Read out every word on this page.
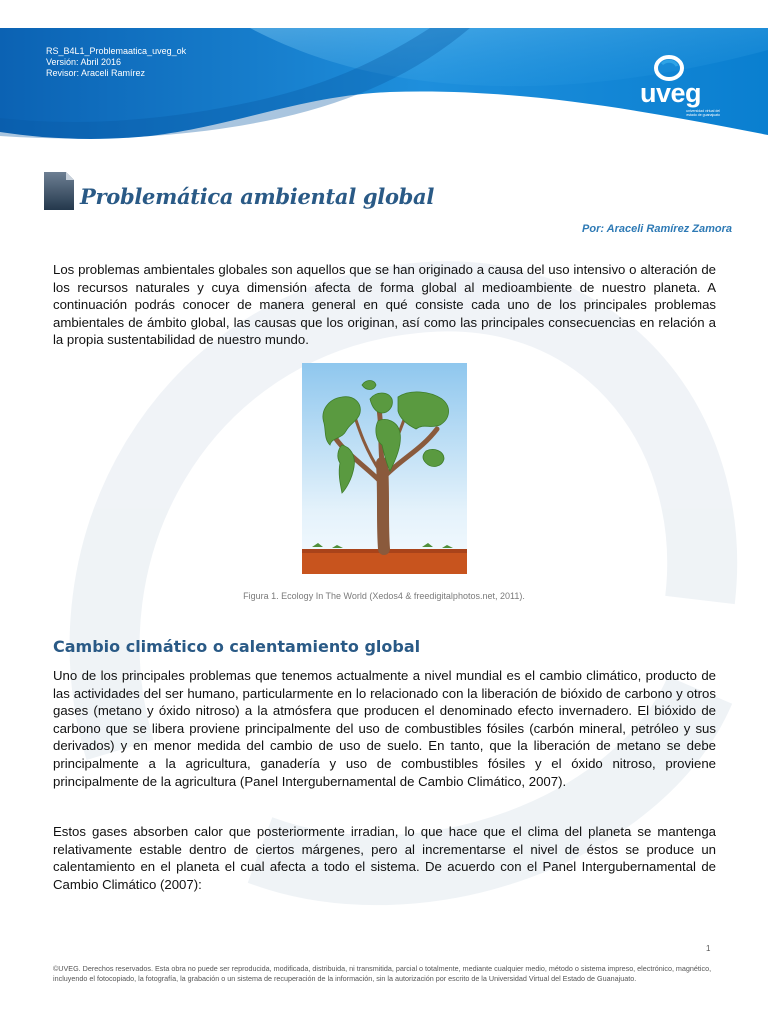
RS_B4L1_Problemaatica_uveg_ok
Versión: Abril 2016
Revisor: Araceli Ramírez
uveg
universidad virtual del estado de guanajuato
Problemática ambiental global
Por: Araceli Ramírez Zamora

Los problemas ambientales globales son aquellos que se han originado a causa del uso intensivo o alteración de los recursos naturales y cuya dimensión afecta de forma global al medioambiente de nuestro planeta. A continuación podrás conocer de manera general en qué consiste cada uno de los principales problemas ambientales de ámbito global, las causas que los originan, así como las principales consecuencias en relación a la propia sustentabilidad de nuestro mundo.

Figura 1. Ecology In The World (Xedos4 & freedigitalphotos.net, 2011).
Cambio climático o calentamiento global

Uno de los principales problemas que tenemos actualmente a nivel mundial es el cambio climático, producto de las actividades del ser humano, particularmente en lo relacionado con la liberación de bióxido de carbono y otros gases (metano y óxido nitroso) a la atmósfera que producen el denominado efecto invernadero. El bióxido de carbono que se libera proviene principalmente del uso de combustibles fósiles (carbón mineral, petróleo y sus derivados) y en menor medida del cambio de uso de suelo. En tanto, que la liberación de metano se debe principalmente a la agricultura, ganadería y uso de combustibles fósiles y el óxido nitroso, proviene principalmente de la agricultura (Panel Intergubernamental de Cambio Climático, 2007).

Estos gases absorben calor que posteriormente irradian, lo que hace que el clima del planeta se mantenga relativamente estable dentro de ciertos márgenes, pero al incrementarse el nivel de éstos se produce un calentamiento en el planeta el cual afecta a todo el sistema. De acuerdo con el Panel Intergubernamental de Cambio Climático (2007):

1
©UVEG. Derechos reservados. Esta obra no puede ser reproducida, modificada, distribuida, ni transmitida, parcial o totalmente, mediante cualquier medio, método o sistema impreso, electrónico, magnético, incluyendo el fotocopiado, la fotografía, la grabación o un sistema de recuperación de la información, sin la autorización por escrito de la Universidad Virtual del Estado de Guanajuato.
